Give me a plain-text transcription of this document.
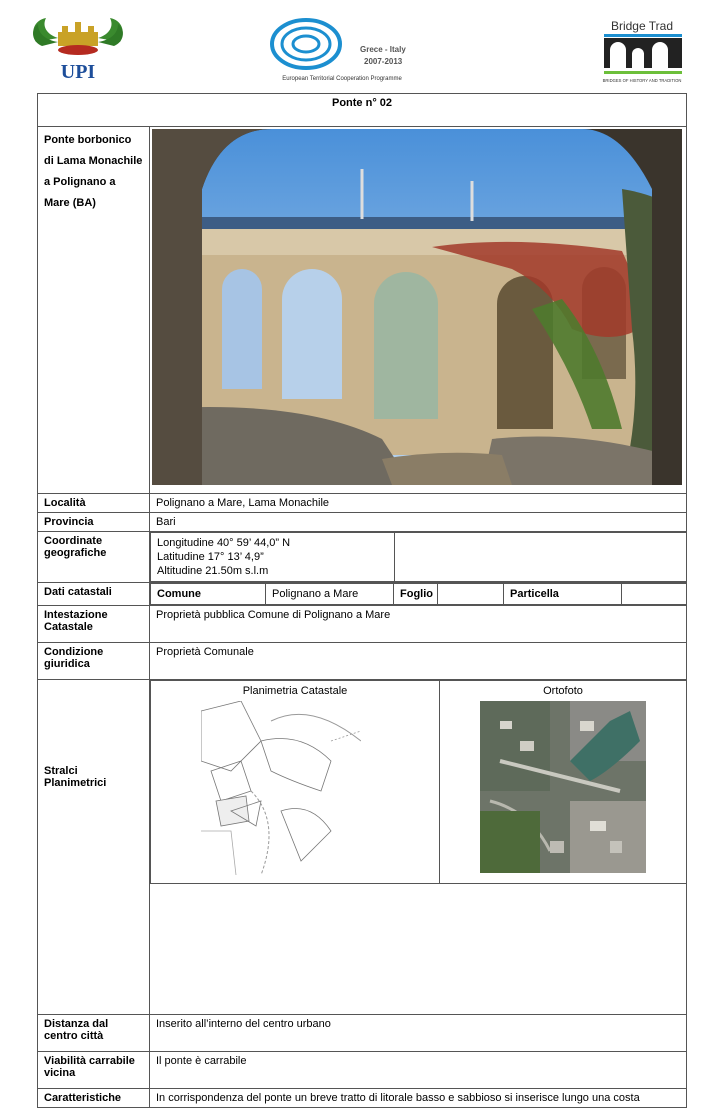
UPI
Grece - Italy
2007-2013
European Territorial Cooperation Programme
Bridge Trad
BRIDGES OF HISTORY AND TRADITION
Ponte n° 02
Ponte borbonico di Lama Monachile a Polignano a Mare (BA)	

Località	Polignano a Mare, Lama Monachile
Provincia	Bari
Coordinate geografiche	
Longitudine 40° 59’ 44,0” N
Latitudine 17° 13’ 4,9”
Altitudine 21.50m s.l.m

Dati catastali		Comune	Polignano a Mare	Foglio		Particella	

Intestazione Catastale	Proprietà pubblica Comune di Polignano a Mare
Condizione giuridica	Proprietà Comunale
Stralci Planimetrici	
Planimetria Catastale	Ortofoto

Distanza dal centro città	Inserito all’interno del centro urbano
Viabilità carrabile vicina	Il ponte è carrabile
Caratteristiche	In corrispondenza del ponte un breve tratto di litorale basso e sabbioso si inserisce lungo una costa
